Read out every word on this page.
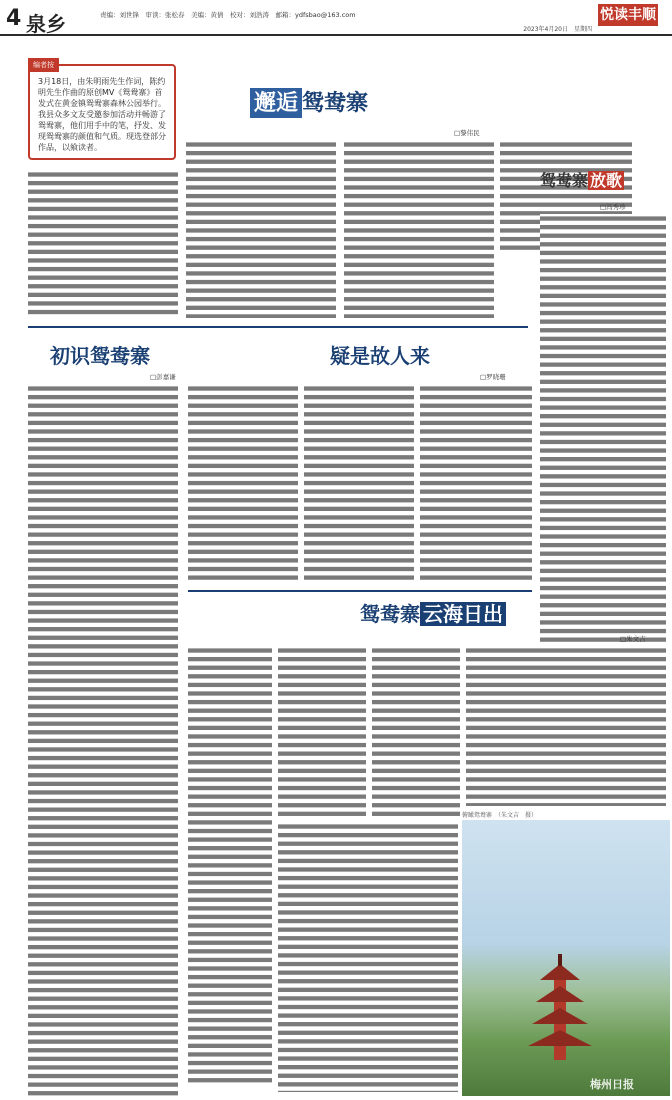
4 泉乡	责编：刘世锋　审读：张松春　美编：黄倩　校对：刘浩涛　邮箱：ydfsbao@163.com	悦读丰顺
2023年4月20日　星期四
3月18日，由朱明雨先生作词，陈约明先生作曲的原创MV《鸳鸯寨》首发式在黄金镇鸳鸯寨森林公园举行。我县众多文友受邀参加活动并畅游了鸳鸯寨，他们用手中的笔，抒发、发现鸳鸯寨的颜值和气质。现选登部分作品，以飨读者。
编者按
邂逅 鸳鸯寨
□黎伟民
鸳鸯寨 放歌
□冯秀珍
初识鸳鸯寨
□彭嘉谦
疑是故人来
□罗晓珊
鸳鸯寨 云海日出
□朱文吉
俯瞰鸳鸯寨　（朱文吉　摄）
梅州日报
